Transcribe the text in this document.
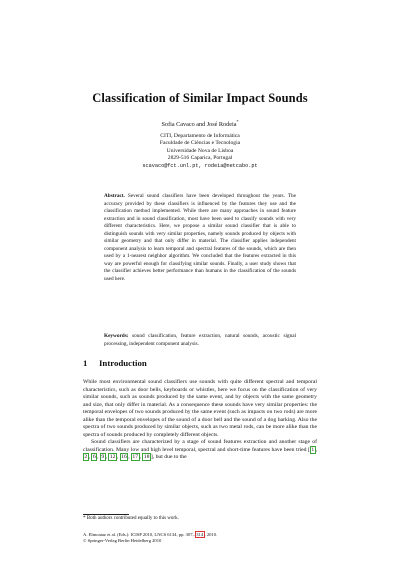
Classification of Similar Impact Sounds
Sofia Cavaco and José Rodeia*
CITI, Departamento de Informática
Faculdade de Ciências e Tecnologia
Universidade Nova de Lisboa
2829-516 Caparica, Portugal
scavaco@fct.unl.pt, rodeia@netcabo.pt
Abstract. Several sound classifiers have been developed throughout the years. The accuracy provided by these classifiers is influenced by the features they use and the classification method implemented. While there are many approaches in sound feature extraction and in sound classification, most have been used to classify sounds with very different characteristics. Here, we propose a similar sound classifier that is able to distinguish sounds with very similar properties, namely sounds produced by objects with similar geometry and that only differ in material. The classifier applies independent component analysis to learn temporal and spectral features of the sounds, which are then used by a 1-nearest neighbor algorithm. We concluded that the features extracted in this way are powerful enough for classifying similar sounds. Finally, a user study shows that the classifier achieves better performance than humans in the classification of the sounds used here.
Keywords: sound classification, feature extraction, natural sounds, acoustic signal processing, independent component analysis.
1 Introduction

While most environmental sound classifiers use sounds with quite different spectral and temporal characteristics, such as door bells, keyboards or whistles, here we focus on the classification of very similar sounds, such as sounds produced by the same event, and by objects with the same geometry and size, that only differ in material. As a consequence these sounds have very similar properties: the temporal envelopes of two sounds produced by the same event (such as impacts on two rods) are more alike than the temporal envelopes of the sound of a door bell and the sound of a dog barking. Also the spectra of two sounds produced by similar objects, such as two metal rods, can be more alike than the spectra of sounds produced by completely different objects.

Sound classifiers are characterized by a stage of sound features extraction and another stage of classification. Many low and high level temporal, spectral and short-time features have been tried [1, 2, 6, 9, 12, 16, 17, 18], but due to the

* Both authors contributed equally to this work.
A. Elmoataz et al. (Eds.): ICISP 2010, LNCS 6134, pp. 307–314, 2010.
© Springer-Verlag Berlin Heidelberg 2010
